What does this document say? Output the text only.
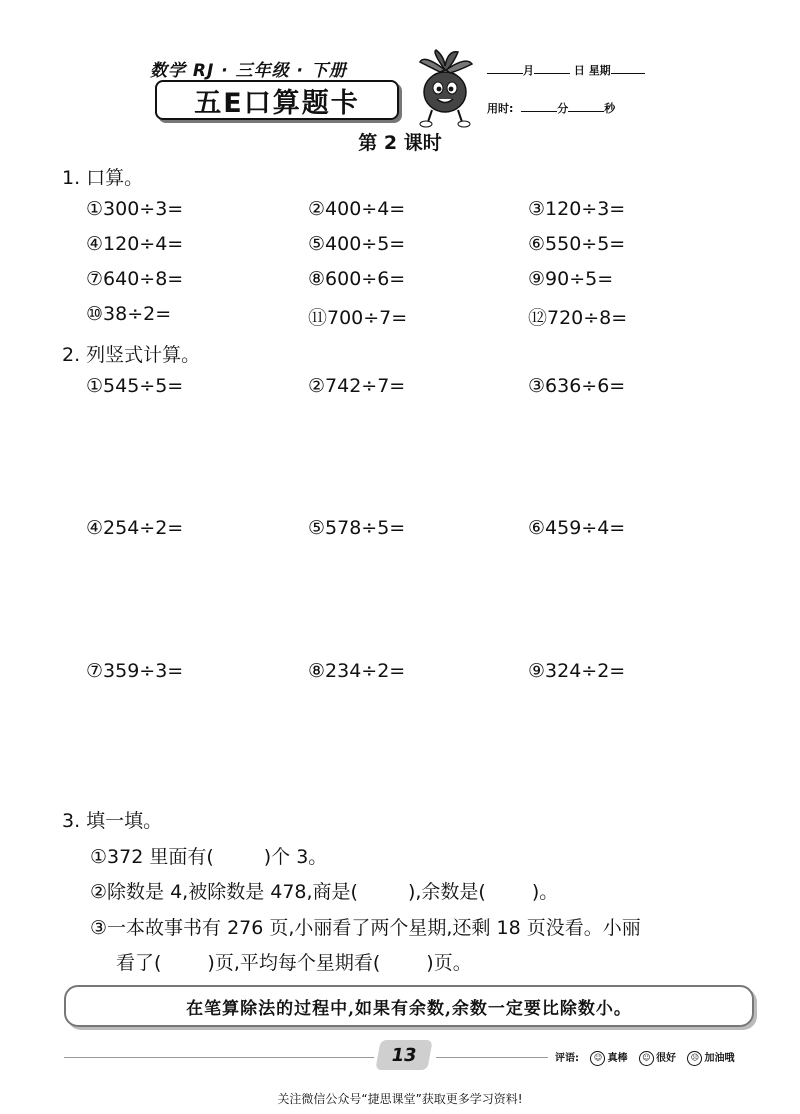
数学 RJ · 三年级 · 下册
五E口算题卡
月	日 星期
用时:	分	秒
第 2 课时
1. 口算。
①300÷3=	②400÷4=	③120÷3=
④120÷4=	⑤400÷5=	⑥550÷5=
⑦640÷8=	⑧600÷6=	⑨90÷5=
⑩38÷2=	⑪700÷7=	⑫720÷8=
2. 列竖式计算。
①545÷5=	②742÷7=	③636÷6=
④254÷2=	⑤578÷5=	⑥459÷4=
⑦359÷3=	⑧234÷2=	⑨324÷2=
3. 填一填。
①372 里面有(	)个 3。
②除数是 4,被除数是 478,商是(	),余数是( )。
③一本故事书有 276 页,小丽看了两个星期,还剩 18 页没看。小丽
看了( )页,平均每个星期看( )页。
在笔算除法的过程中,如果有余数,余数一定要比除数小。
13	评语: ☺ 真棒 ☺ 很好 ☹ 加油哦
关注微信公众号“捷思课堂”获取更多学习资料!
